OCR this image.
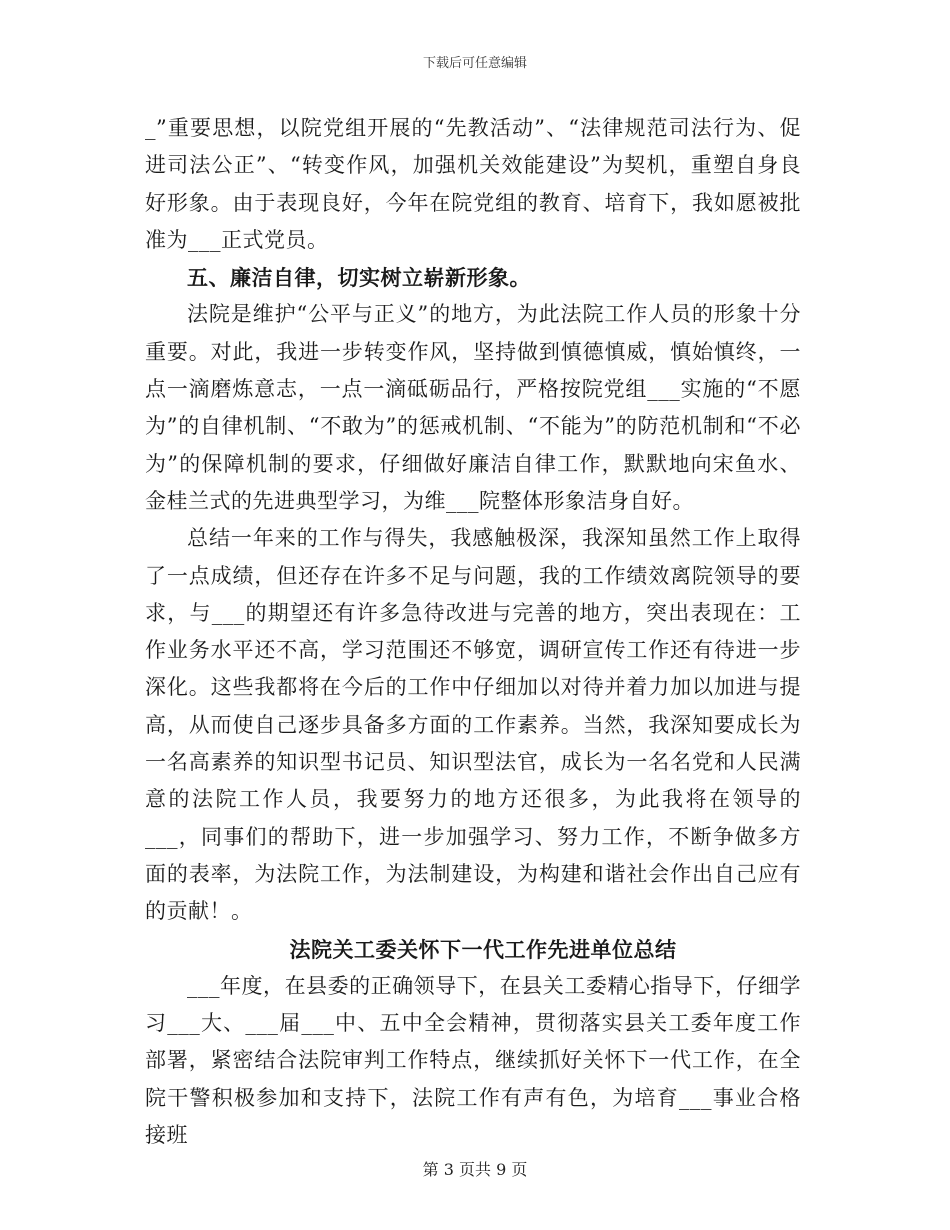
下载后可任意编辑

_”重要思想，以院党组开展的“先教活动”、“法律规范司法行为、促进司法公正”、“转变作风，加强机关效能建设”为契机，重塑自身良好形象。由于表现良好，今年在院党组的教育、培育下，我如愿被批准为___正式党员。

五、廉洁自律，切实树立崭新形象。

法院是维护“公平与正义”的地方，为此法院工作人员的形象十分重要。对此，我进一步转变作风，坚持做到慎德慎威，慎始慎终，一点一滴磨炼意志，一点一滴砥砺品行，严格按院党组___实施的“不愿为”的自律机制、“不敢为”的惩戒机制、“不能为”的防范机制和“不必为”的保障机制的要求，仔细做好廉洁自律工作，默默地向宋鱼水、金桂兰式的先进典型学习，为维___院整体形象洁身自好。

总结一年来的工作与得失，我感触极深，我深知虽然工作上取得了一点成绩，但还存在许多不足与问题，我的工作绩效离院领导的要求，与___的期望还有许多急待改进与完善的地方，突出表现在：工作业务水平还不高，学习范围还不够宽，调研宣传工作还有待进一步深化。这些我都将在今后的工作中仔细加以对待并着力加以加进与提高，从而使自己逐步具备多方面的工作素养。当然，我深知要成长为一名高素养的知识型书记员、知识型法官，成长为一名名党和人民满意的法院工作人员，我要努力的地方还很多，为此我将在领导的___，同事们的帮助下，进一步加强学习、努力工作，不断争做多方面的表率，为法院工作，为法制建设，为构建和谐社会作出自己应有的贡献！。

法院关工委关怀下一代工作先进单位总结

___年度，在县委的正确领导下，在县关工委精心指导下，仔细学习___大、___届___中、五中全会精神，贯彻落实县关工委年度工作部署，紧密结合法院审判工作特点，继续抓好关怀下一代工作，在全院干警积极参加和支持下，法院工作有声有色，为培育___事业合格接班

第 3 页共 9 页
